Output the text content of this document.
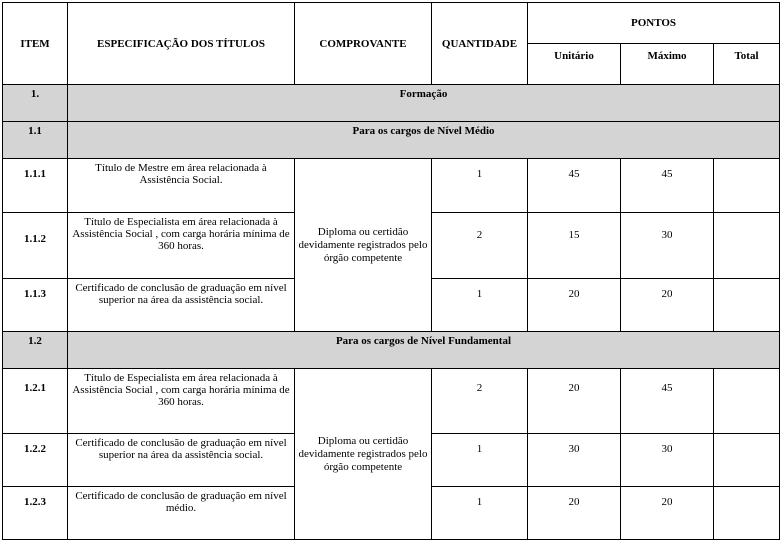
ITEM	ESPECIFICAÇÃO DOS TÍTULOS	COMPROVANTE	QUANTIDADE	PONTOS		
				Unitário	Máximo	Total
1.	Formação					
1.1	Para os cargos de Nível Médio					
1.1.1	Título de Mestre em área relacionada à Assistência Social.	Diploma ou certidão devidamente registrados pelo órgão competente	1	45	45	
1.1.2	Título de Especialista em área relacionada à Assistência Social , com carga horária mínima de 360 horas.		2	15	30	
1.1.3	Certificado de conclusão de graduação em nível superior na área da assistência social.		1	20	20	
1.2	Para os cargos de Nível Fundamental					
1.2.1	Título de Especialista em área relacionada à Assistência Social , com carga horária mínima de 360 horas.	Diploma ou certidão devidamente registrados pelo órgão competente	2	20	45	
1.2.2	Certificado de conclusão de graduação em nível superior na área da assistência social.		1	30	30	
1.2.3	Certificado de conclusão de graduação em nível médio.		1	20	20	
